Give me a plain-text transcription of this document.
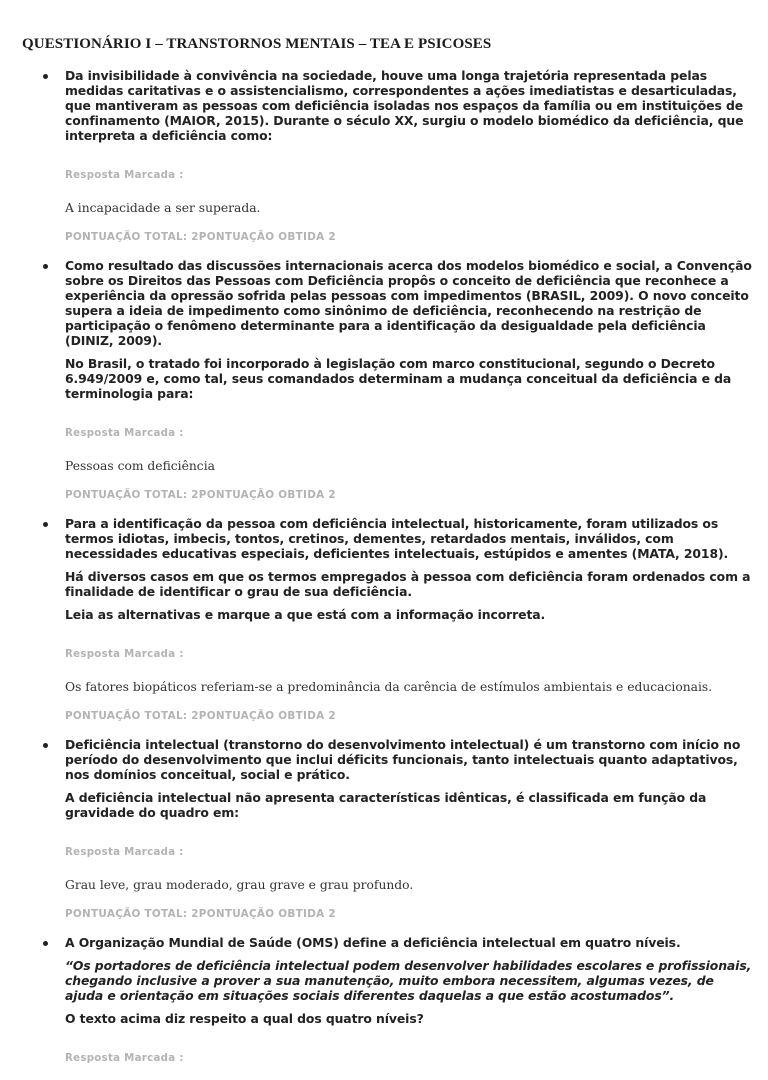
QUESTIONÁRIO I – TRANSTORNOS MENTAIS – TEA E PSICOSES

Da invisibilidade à convivência na sociedade, houve uma longa trajetória representada pelas medidas caritativas e o assistencialismo, correspondentes a ações imediatistas e desarticuladas, que mantiveram as pessoas com deficiência isoladas nos espaços da família ou em instituições de confinamento (MAIOR, 2015). Durante o século XX, surgiu o modelo biomédico da deficiência, que interpreta a deficiência como:

Resposta Marcada :
A incapacidade a ser superada.
PONTUAÇÃO TOTAL: 2PONTUAÇÃO OBTIDA 2

Como resultado das discussões internacionais acerca dos modelos biomédico e social, a Convenção sobre os Direitos das Pessoas com Deficiência propôs o conceito de deficiência que reconhece a experiência da opressão sofrida pelas pessoas com impedimentos (BRASIL, 2009). O novo conceito supera a ideia de impedimento como sinônimo de deficiência, reconhecendo na restrição de participação o fenômeno determinante para a identificação da desigualdade pela deficiência (DINIZ, 2009).

No Brasil, o tratado foi incorporado à legislação com marco constitucional, segundo o Decreto 6.949/2009 e, como tal, seus comandados determinam a mudança conceitual da deficiência e da terminologia para:

Resposta Marcada :
Pessoas com deficiência
PONTUAÇÃO TOTAL: 2PONTUAÇÃO OBTIDA 2

Para a identificação da pessoa com deficiência intelectual, historicamente, foram utilizados os termos idiotas, imbecis, tontos, cretinos, dementes, retardados mentais, inválidos, com necessidades educativas especiais, deficientes intelectuais, estúpidos e amentes (MATA, 2018).

Há diversos casos em que os termos empregados à pessoa com deficiência foram ordenados com a finalidade de identificar o grau de sua deficiência.

Leia as alternativas e marque a que está com a informação incorreta.

Resposta Marcada :
Os fatores biopáticos referiam-se a predominância da carência de estímulos ambientais e educacionais.
PONTUAÇÃO TOTAL: 2PONTUAÇÃO OBTIDA 2

Deficiência intelectual (transtorno do desenvolvimento intelectual) é um transtorno com início no período do desenvolvimento que inclui déficits funcionais, tanto intelectuais quanto adaptativos, nos domínios conceitual, social e prático.

A deficiência intelectual não apresenta características idênticas, é classificada em função da gravidade do quadro em:

Resposta Marcada :
Grau leve, grau moderado, grau grave e grau profundo.
PONTUAÇÃO TOTAL: 2PONTUAÇÃO OBTIDA 2

A Organização Mundial de Saúde (OMS) define a deficiência intelectual em quatro níveis.

“Os portadores de deficiência intelectual podem desenvolver habilidades escolares e profissionais, chegando inclusive a prover a sua manutenção, muito embora necessitem, algumas vezes, de ajuda e orientação em situações sociais diferentes daquelas a que estão acostumados”.

O texto acima diz respeito a qual dos quatro níveis?

Resposta Marcada :
